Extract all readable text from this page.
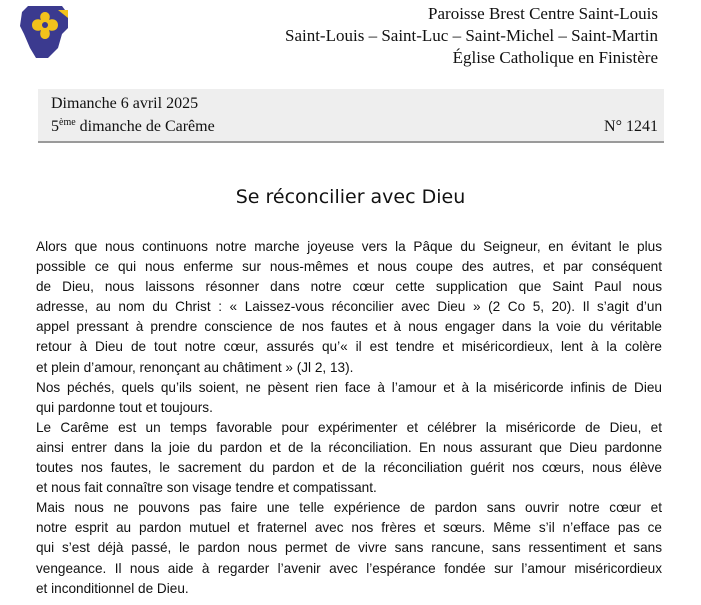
Paroisse Brest Centre Saint-Louis
Saint-Louis – Saint-Luc – Saint-Michel – Saint-Martin
Église Catholique en Finistère
Dimanche 6 avril 2025
5ème dimanche de Carême	N° 1241
Se réconcilier avec Dieu
Alors que nous continuons notre marche joyeuse vers la Pâque du Seigneur, en évitant le plus
possible ce qui nous enferme sur nous-mêmes et nous coupe des autres, et par conséquent
de Dieu, nous laissons résonner dans notre cœur cette supplication que Saint Paul nous
adresse, au nom du Christ : « Laissez-vous réconcilier avec Dieu » (2 Co 5, 20). Il s’agit d’un
appel pressant à prendre conscience de nos fautes et à nous engager dans la voie du véritable
retour à Dieu de tout notre cœur, assurés qu’« il est tendre et miséricordieux, lent à la colère
et plein d’amour, renonçant au châtiment » (Jl 2, 13).
Nos péchés, quels qu’ils soient, ne pèsent rien face à l’amour et à la miséricorde infinis de Dieu
qui pardonne tout et toujours.
Le Carême est un temps favorable pour expérimenter et célébrer la miséricorde de Dieu, et
ainsi entrer dans la joie du pardon et de la réconciliation. En nous assurant que Dieu pardonne
toutes nos fautes, le sacrement du pardon et de la réconciliation guérit nos cœurs, nous élève
et nous fait connaître son visage tendre et compatissant.
Mais nous ne pouvons pas faire une telle expérience de pardon sans ouvrir notre cœur et
notre esprit au pardon mutuel et fraternel avec nos frères et sœurs. Même s’il n’efface pas ce
qui s’est déjà passé, le pardon nous permet de vivre sans rancune, sans ressentiment et sans
vengeance. Il nous aide à regarder l’avenir avec l’espérance fondée sur l’amour miséricordieux
et inconditionnel de Dieu.
